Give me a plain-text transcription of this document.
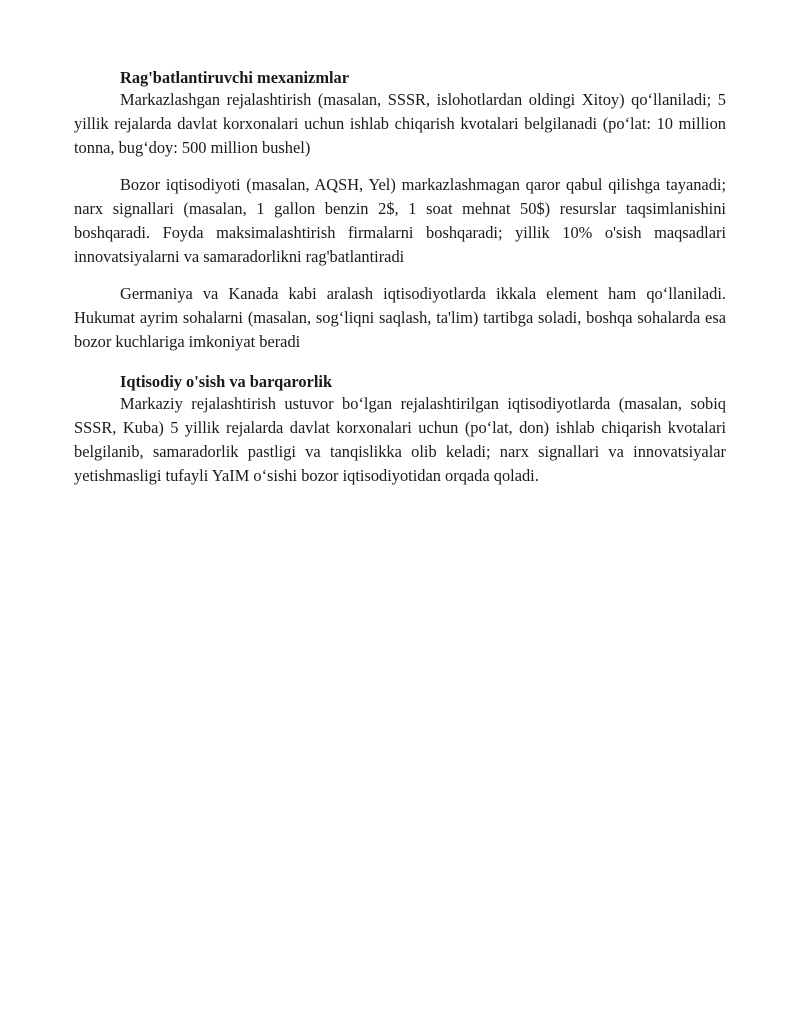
Rag'batlantiruvchi mexanizmlar

Markazlashgan rejalashtirish (masalan, SSSR, islohotlardan oldingi Xitoy) qo‘llaniladi; 5 yillik rejalarda davlat korxonalari uchun ishlab chiqarish kvotalari belgilanadi (po‘lat: 10 million tonna, bug‘doy: 500 million bushel)

Bozor iqtisodiyoti (masalan, AQSH, Yel) markazlashmagan qaror qabul qilishga tayanadi; narx signallari (masalan, 1 gallon benzin 2$, 1 soat mehnat 50$) resurslar taqsimlanishini boshqaradi. Foyda maksimalashtirish firmalarni boshqaradi; yillik 10% o'sish maqsadlari innovatsiyalarni va samaradorlikni rag'batlantiradi

Germaniya va Kanada kabi aralash iqtisodiyotlarda ikkala element ham qo‘llaniladi. Hukumat ayrim sohalarni (masalan, sog‘liqni saqlash, ta'lim) tartibga soladi, boshqa sohalarda esa bozor kuchlariga imkoniyat beradi

Iqtisodiy o'sish va barqarorlik

Markaziy rejalashtirish ustuvor bo‘lgan rejalashtirilgan iqtisodiyotlarda (masalan, sobiq SSSR, Kuba) 5 yillik rejalarda davlat korxonalari uchun (po‘lat, don) ishlab chiqarish kvotalari belgilanib, samaradorlik pastligi va tanqislikka olib keladi; narx signallari va innovatsiyalar yetishmasligi tufayli YaIM o‘sishi bozor iqtisodiyotidan orqada qoladi.
